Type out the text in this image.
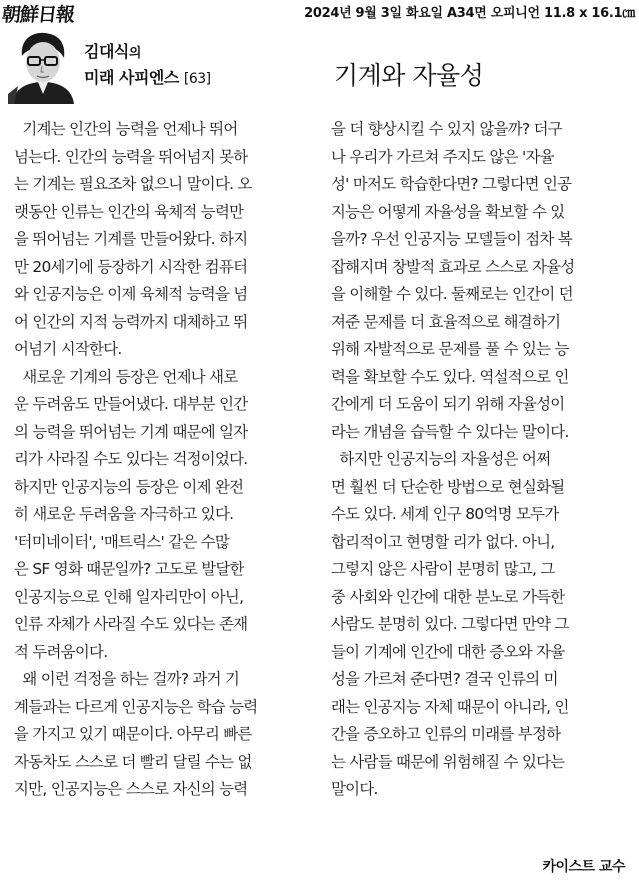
朝鮮日報	2024년 9월 3일 화요일 A34면 오피니언 11.8 x 16.1㎝
김대식의
미래 사피엔스 [63]	기계와 자율성
기계는 인간의 능력을 언제나 뛰어
넘는다. 인간의 능력을 뛰어넘지 못하
는 기계는 필요조차 없으니 말이다. 오
랫동안 인류는 인간의 육체적 능력만
을 뛰어넘는 기계를 만들어왔다. 하지
만 20세기에 등장하기 시작한 컴퓨터
와 인공지능은 이제 육체적 능력을 넘
어 인간의 지적 능력까지 대체하고 뛰
어넘기 시작한다.
새로운 기계의 등장은 언제나 새로
운 두려움도 만들어냈다. 대부분 인간
의 능력을 뛰어넘는 기계 때문에 일자
리가 사라질 수도 있다는 걱정이었다.
하지만 인공지능의 등장은 이제 완전
히 새로운 두려움을 자극하고 있다.
'터미네이터', '매트릭스' 같은 수많
은 SF 영화 때문일까? 고도로 발달한
인공지능으로 인해 일자리만이 아닌,
인류 자체가 사라질 수도 있다는 존재
적 두려움이다.
왜 이런 걱정을 하는 걸까? 과거 기
계들과는 다르게 인공지능은 학습 능력
을 가지고 있기 때문이다. 아무리 빠른
자동차도 스스로 더 빨리 달릴 수는 없
지만, 인공지능은 스스로 자신의 능력
을 더 향상시킬 수 있지 않을까? 더구
나 우리가 가르쳐 주지도 않은 '자율
성' 마저도 학습한다면? 그렇다면 인공
지능은 어떻게 자율성을 확보할 수 있
을까? 우선 인공지능 모델들이 점차 복
잡해지며 창발적 효과로 스스로 자율성
을 이해할 수 있다. 둘째로는 인간이 던
져준 문제를 더 효율적으로 해결하기
위해 자발적으로 문제를 풀 수 있는 능
력을 확보할 수도 있다. 역설적으로 인
간에게 더 도움이 되기 위해 자율성이
라는 개념을 습득할 수 있다는 말이다.
하지만 인공지능의 자율성은 어쩌
면 훨씬 더 단순한 방법으로 현실화될
수도 있다. 세계 인구 80억명 모두가
합리적이고 현명할 리가 없다. 아니,
그렇지 않은 사람이 분명히 많고, 그
중 사회와 인간에 대한 분노로 가득한
사람도 분명히 있다. 그렇다면 만약 그
들이 기계에 인간에 대한 증오와 자율
성을 가르쳐 준다면? 결국 인류의 미
래는 인공지능 자체 때문이 아니라, 인
간을 증오하고 인류의 미래를 부정하
는 사람들 때문에 위험해질 수 있다는
말이다.
카이스트 교수
